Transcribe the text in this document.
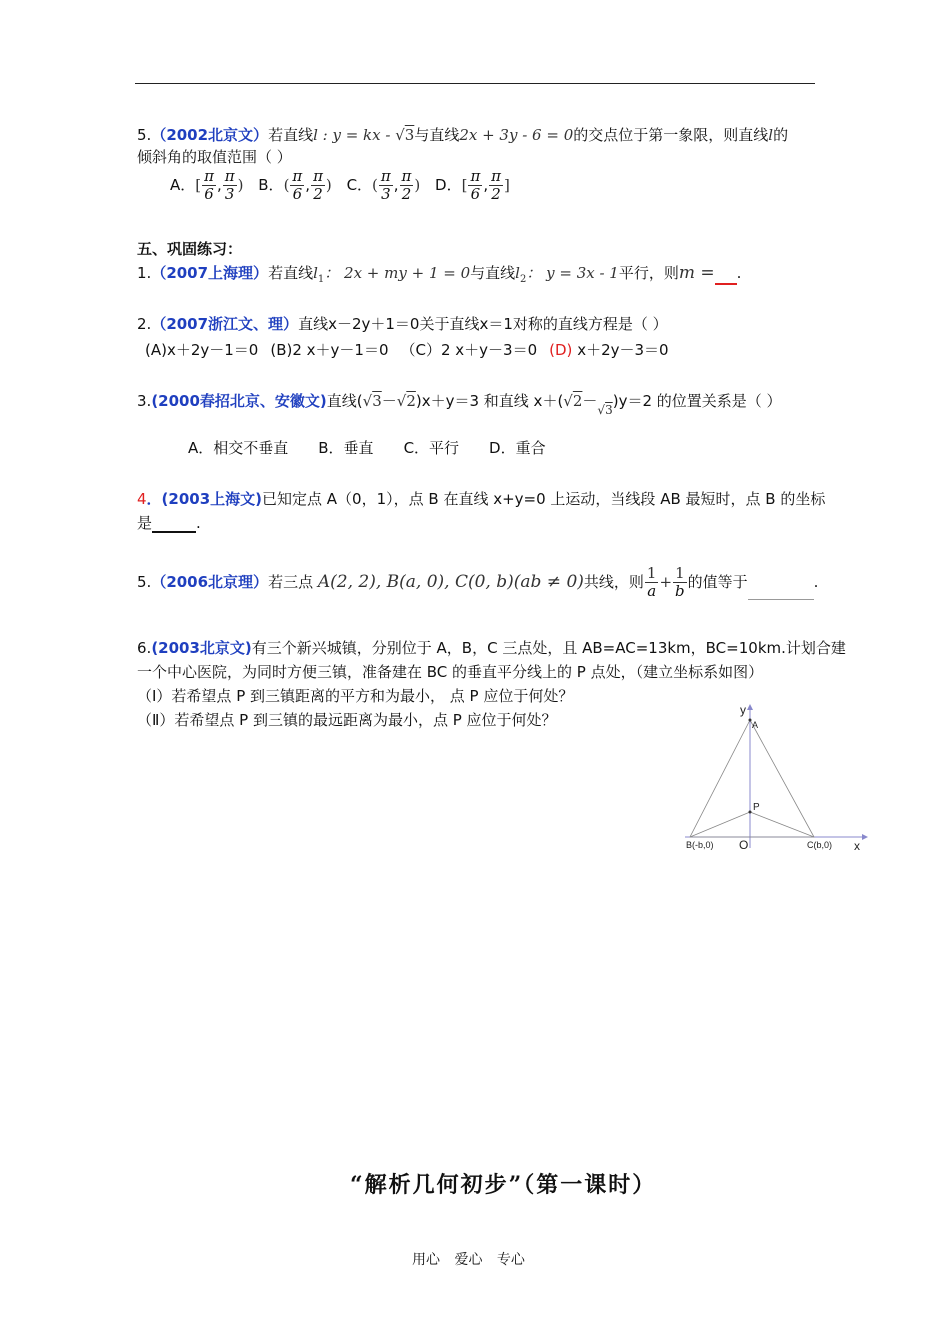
5.（2002北京文）若直线l : y = kx - √3与直线2x + 3y - 6 = 0的交点位于第一象限，则直线l的
倾斜角的取值范围（ ）
A．[ $\frac{\pi}{6}$ , $\frac{\pi}{3}$ ) B．( $\frac{\pi}{6}$ , $\frac{\pi}{2}$ ) C．( $\frac{\pi}{3}$ , $\frac{\pi}{2}$ ) D．[ $\frac{\pi}{6}$ , $\frac{\pi}{2}$ ]
五、巩固练习：
1.（2007上海理）若直线$l_1$： 2x + my + 1 = 0与直线$l_2$： y = 3x - 1平行，则m = .
2.（2007浙江文、理）直线x－2y＋1＝0关于直线x＝1对称的直线方程是（ ）
(A)x＋2y－1＝0 (B)2 x＋y－1＝0 （C）2 x＋y－3＝0 (D) x＋2y－3＝0
3.(2000春招北京、安徽文)直线(√3－√2)x＋y＝3 和直线 $x+(√2-_{√3})y=2$ 的位置关系是（ ）
A．相交不垂直 B．垂直 C．平行 D．重合
4．(2003上海文)已知定点 A（0，1），点 B 在直线 x+y=0 上运动，当线段 AB 最短时，点 B 的坐标
是	.
5.（2006北京理）若三点 A(2, 2), B(a, 0), C(0, b)(ab ≠ 0)共线，则 $\frac{1}{a} + \frac{1}{b}$ 的值等于	.
6.(2003北京文)有三个新兴城镇，分别位于 A，B，C 三点处，且 AB=AC=13km，BC=10km.计划合建
一个中心医院，为同时方便三镇，准备建在 BC 的垂直平分线上的 P 点处，（建立坐标系如图）
（Ⅰ）若希望点 P 到三镇距离的平方和为最小， 点 P 应位于何处？
（Ⅱ）若希望点 P 到三镇的最远距离为最小，点 P 应位于何处？
y
A
P
B(-b,0) O	C(b,0) x
“解析几何初步”（第一课时）
用心 爱心 专心
